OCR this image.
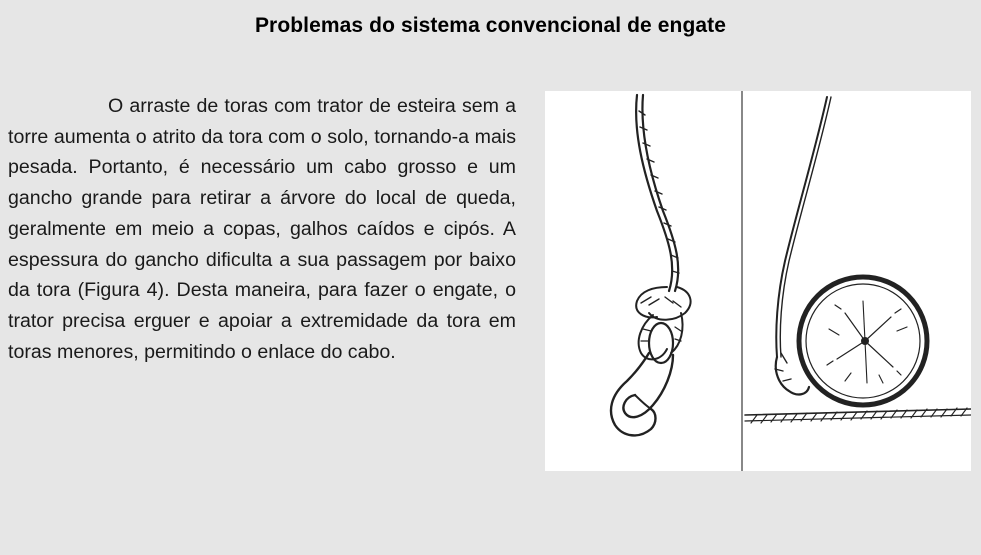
Problemas do sistema convencional de engate

O arraste de toras com trator de esteira sem a torre aumenta o atrito da tora com o solo, tornando-a mais pesada. Portanto, é necessário um cabo grosso e um gancho grande para retirar a árvore do local de queda, geralmente em meio a copas, galhos caídos e cipós. A espessura do gancho dificulta a sua passagem por baixo da tora (Figura 4). Desta maneira, para fazer o engate, o trator precisa erguer e apoiar a extremidade da tora em toras menores, permitindo o enlace do cabo.
